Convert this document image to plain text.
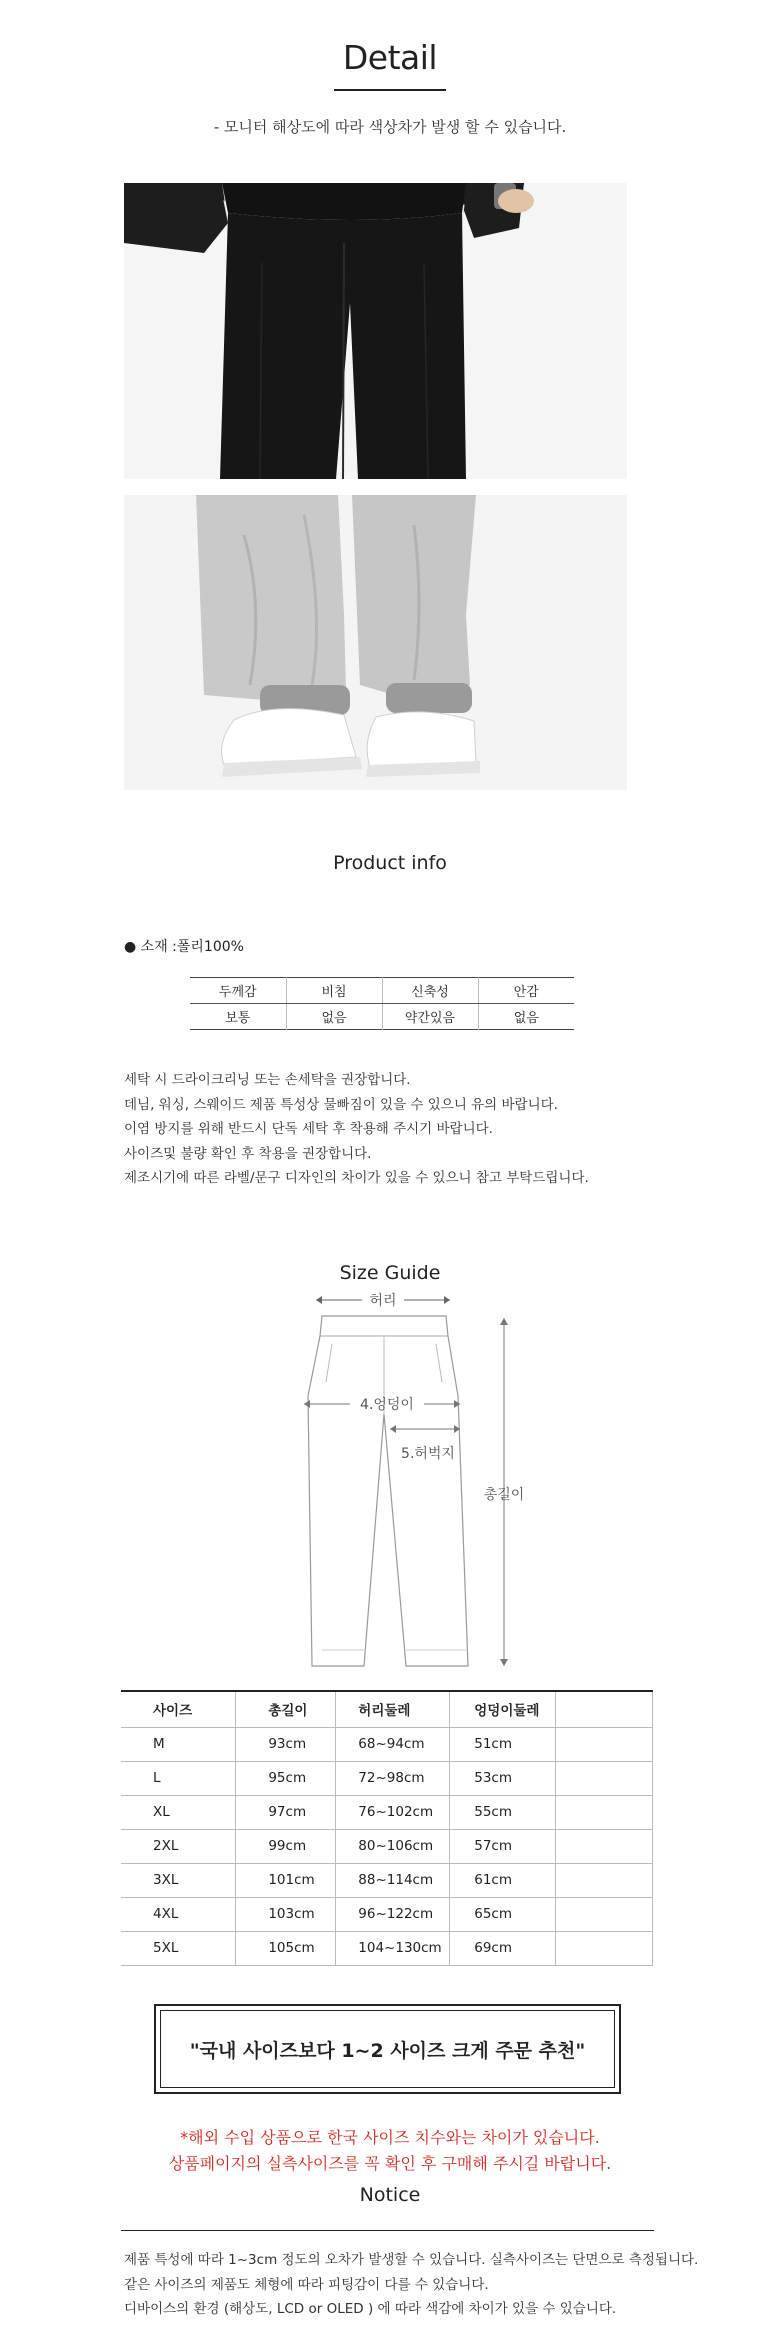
Detail
- 모니터 해상도에 따라 색상차가 발생 할 수 있습니다.
Product info
● 소재 :폴리100%
두께감	비침	신축성	안감
보통	없음	약간있음	없음
세탁 시 드라이크리닝 또는 손세탁을 권장합니다.
데님, 워싱, 스웨이드 제품 특성상 물빠짐이 있을 수 있으니 유의 바랍니다.
이염 방지를 위해 반드시 단독 세탁 후 착용해 주시기 바랍니다.
사이즈및 불량 확인 후 착용을 권장합니다.
제조시기에 따른 라벨/문구 디자인의 차이가 있을 수 있으니 참고 부탁드립니다.
Size Guide
허리
4.엉덩이
5.허벅지
총길이
사이즈	총길이	허리둘레	엉덩이둘레	
M	93cm	68~94cm	51cm	
L	95cm	72~98cm	53cm	
XL	97cm	76~102cm	55cm	
2XL	99cm	80~106cm	57cm	
3XL	101cm	88~114cm	61cm	
4XL	103cm	96~122cm	65cm	
5XL	105cm	104~130cm	69cm	
"국내 사이즈보다 1~2 사이즈 크게 주문 추천"
*해외 수입 상품으로 한국 사이즈 치수와는 차이가 있습니다.
상품페이지의 실측사이즈를 꼭 확인 후 구매해 주시길 바랍니다.
Notice
제품 특성에 따라 1~3cm 정도의 오차가 발생할 수 있습니다. 실측사이즈는 단면으로 측정됩니다.
같은 사이즈의 제품도 체형에 따라 피팅감이 다를 수 있습니다.
디바이스의 환경 (해상도, LCD or OLED ) 에 따라 색감에 차이가 있을 수 있습니다.
